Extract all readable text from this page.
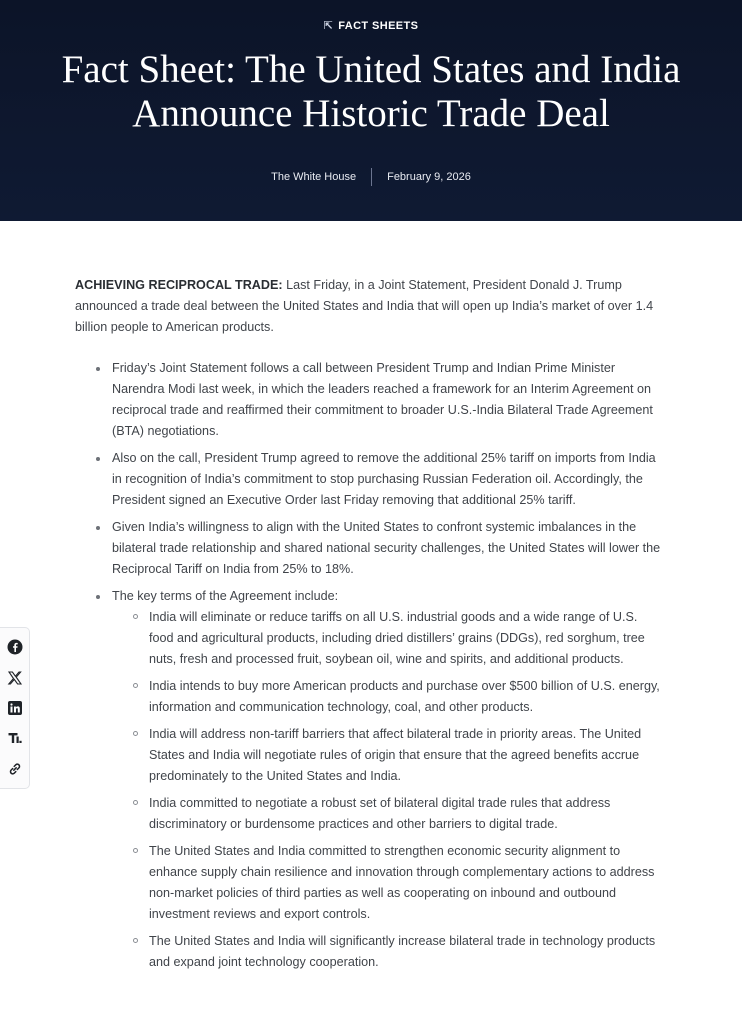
⇱ FACT SHEETS
Fact Sheet: The United States and India Announce Historic Trade Deal
The White House	February 9, 2026

ACHIEVING RECIPROCAL TRADE: Last Friday, in a Joint Statement, President Donald J. Trump announced a trade deal between the United States and India that will open up India’s market of over 1.4 billion people to American products.

Friday’s Joint Statement follows a call between President Trump and Indian Prime Minister Narendra Modi last week, in which the leaders reached a framework for an Interim Agreement on reciprocal trade and reaffirmed their commitment to broader U.S.-India Bilateral Trade Agreement (BTA) negotiations.
Also on the call, President Trump agreed to remove the additional 25% tariff on imports from India in recognition of India’s commitment to stop purchasing Russian Federation oil. Accordingly, the President signed an Executive Order last Friday removing that additional 25% tariff.
Given India’s willingness to align with the United States to confront systemic imbalances in the bilateral trade relationship and shared national security challenges, the United States will lower the Reciprocal Tariff on India from 25% to 18%.
The key terms of the Agreement include:
India will eliminate or reduce tariffs on all U.S. industrial goods and a wide range of U.S. food and agricultural products, including dried distillers’ grains (DDGs), red sorghum, tree nuts, fresh and processed fruit, soybean oil, wine and spirits, and additional products.
India intends to buy more American products and purchase over $500 billion of U.S. energy, information and communication technology, coal, and other products.
India will address non-tariff barriers that affect bilateral trade in priority areas. The United States and India will negotiate rules of origin that ensure that the agreed benefits accrue predominately to the United States and India.
India committed to negotiate a robust set of bilateral digital trade rules that address discriminatory or burdensome practices and other barriers to digital trade.
The United States and India committed to strengthen economic security alignment to enhance supply chain resilience and innovation through complementary actions to address non-market policies of third parties as well as cooperating on inbound and outbound investment reviews and export controls.
The United States and India will significantly increase bilateral trade in technology products and expand joint technology cooperation.
